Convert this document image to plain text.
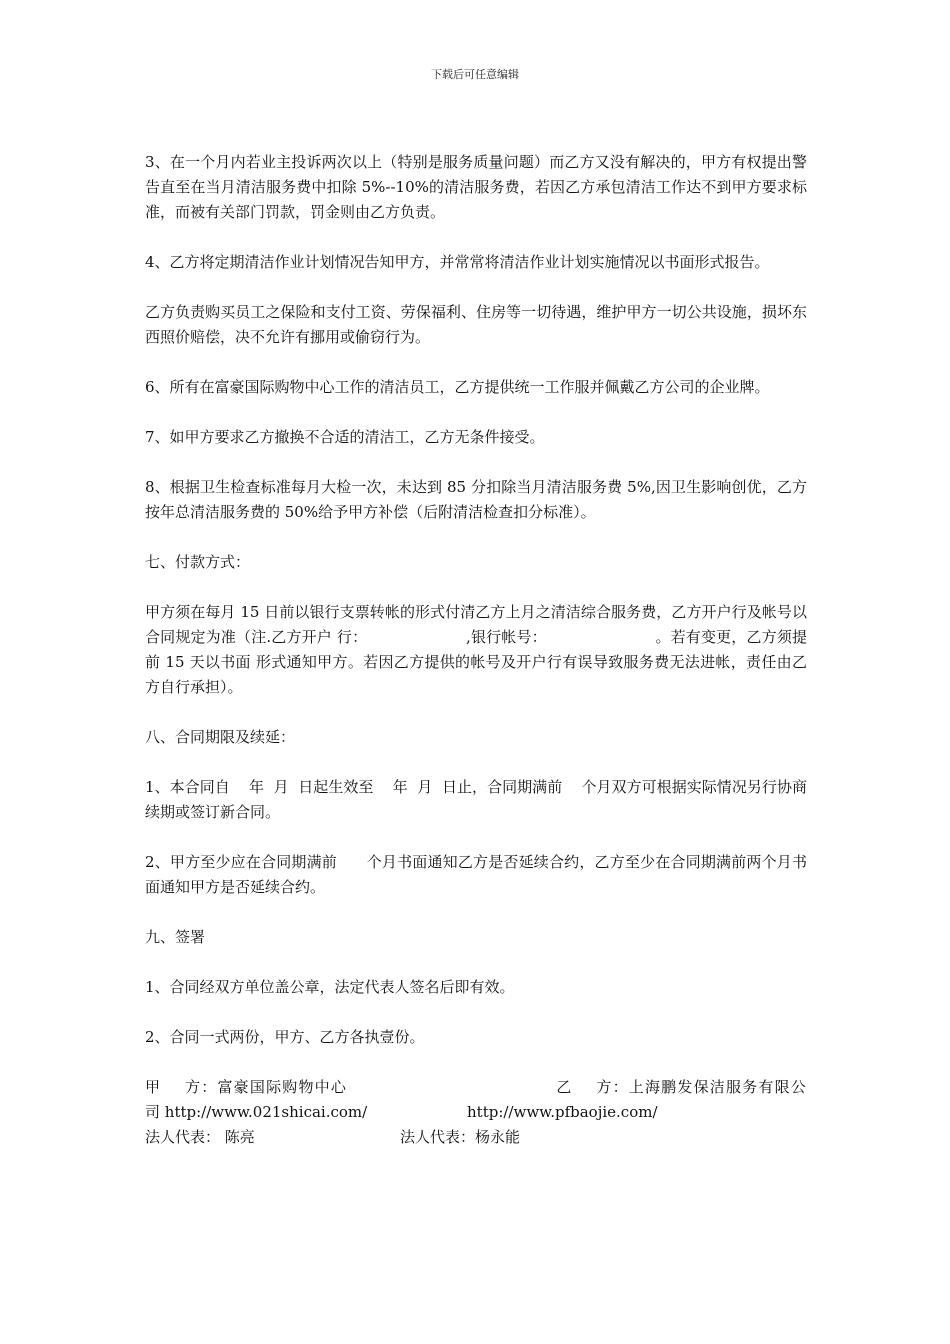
下载后可任意编辑

3、在一个月内若业主投诉两次以上（特别是服务质量问题）而乙方又没有解决的，甲方有权提出警告直至在当月清洁服务费中扣除 5%--10%的清洁服务费，若因乙方承包清洁工作达不到甲方要求标准，而被有关部门罚款，罚金则由乙方负责。

4、乙方将定期清洁作业计划情况告知甲方，并常常将清洁作业计划实施情况以书面形式报告。

乙方负责购买员工之保险和支付工资、劳保福利、住房等一切待遇，维护甲方一切公共设施，损坏东西照价赔偿，决不允许有挪用或偷窃行为。

6、所有在富豪国际购物中心工作的清洁员工，乙方提供统一工作服并佩戴乙方公司的企业牌。

7、如甲方要求乙方撤换不合适的清洁工，乙方无条件接受。

8、根据卫生检查标准每月大检一次，未达到 85 分扣除当月清洁服务费 5%,因卫生影响创优，乙方按年总清洁服务费的 50%给予甲方补偿（后附清洁检查扣分标准）。

七、付款方式：

甲方须在每月 15 日前以银行支票转帐的形式付清乙方上月之清洁综合服务费，乙方开户行及帐号以合同规定为准（注.乙方开户 行：                    ,银行帐号：                      。若有变更，乙方须提前 15 天以书面 形式通知甲方。若因乙方提供的帐号及开户行有误导致服务费无法进帐，责任由乙方自行承担）。

八、合同期限及续延：

1、本合同自    年  月  日起生效至    年  月  日止，合同期满前    个月双方可根据实际情况另行协商续期或签订新合同。

2、甲方至少应在合同期满前      个月书面通知乙方是否延续合约，乙方至少在合同期满前两个月书面通知甲方是否延续合约。

九、签署

1、合同经双方单位盖公章，法定代表人签名后即有效。

2、合同一式两份，甲方、乙方各执壹份。

甲    方：富豪国际购物中心	乙    方：上海鹏发保洁服务有限公
司 http://www.021shicai.com/	http://www.pfbaojie.com/
法人代表： 陈亮	法人代表：杨永能
